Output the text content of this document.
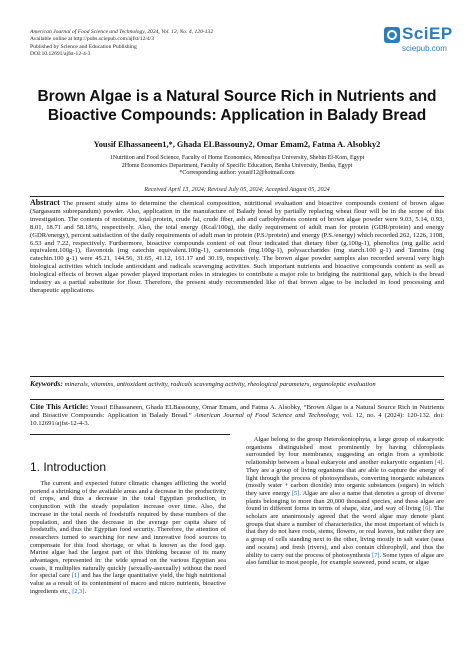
American Journal of Food Science and Technology, 2024, Vol. 12, No. 4, 120-132
Available online at http://pubs.sciepub.com/ajfst/12/4/3
Published by Science and Education Publishing
DOI:10.12691/ajfst-12-4-3
SciEP
sciepub.com
Brown Algae is a Natural Source Rich in Nutrients and Bioactive Compounds: Application in Balady Bread
Yousif Elhassaneen1,*, Ghada ELBassouny2, Omar Emam2, Fatma A. Alsobky2
1Nutrition and Food Science, Faculty of Home Economics, Menoufiya University, Shebin El-Kom, Egypt
2Home Economics Department, Faculty of Specific Education, Benha University, Benha, Egypt
*Corresponding author: yousif12@hotmail.com
Received April 13, 2024; Revised July 05, 2024; Accepted August 05, 2024
Abstract The present study aims to determine the chemical composition, nutritional evaluation and bioactive compounds content of brown algae (Sargassum subrepandum) powder. Also, application in the manufacture of Balady bread by partially replacing wheat flour will be in the scope of this investigation. The contents of moisture, total protein, crude fat, crude fiber, ash and carbohydrates content of brown algae powder were 9.03, 5.14, 0.93, 8.01, 18.71 and 58.18%, respectively. Also, the total energy (Kcal/100g), the daily requirement of adult man for protein (GDR/protein) and energy (GDR/energy), percent satisfaction of the daily requirements of adult man in protein (P.S./protein) and energy (P.S./energy) which recorded 262, 1226, 1108, 6.53 and 7.22, respectively. Furthermore, bioactive compounds content of oat flour indicated that dietary fiber (g.100g-1), phenolics (mg gallic acid equivalent.100g-1), flavonoids (mg catechin equivalent.100g-1), carotenoids (mg.100g-1), polysaccharides (mg starch.100 g-1) and Tannins (mg catechin.100 g-1) were 45.21, 144.56, 31.65, 41.12, 161.17 and 30.19, respectively. The brown algae powder samples also recorded several very high biological activities which include antioxidant and radicals scavenging activities. Such important nutrients and bioactive compounds content as well as biological effects of brown algae powder played important roles in strategies to contribute a major role to bridging the nutritional gap, which is the bread industry as a partial substitute for flour. Therefore, the present study recommended like of that brown algae to be included in food processing and therapeutic applications.
Keywords: minerals, vitamins, antioxidant activity, radicals scavenging activity, rheological parameters, organoleptic evaluation
Cite This Article: Yousif Elhassaneen, Ghada ELBassouny, Omar Emam, and Fatma A. Alsobky, “Brown Algae is a Natural Source Rich in Nutrients and Bioactive Compounds: Application in Balady Bread.” American Journal of Food Science and Technology, vol. 12, no. 4 (2024): 120-132. doi: 10.12691/ajfst-12-4-3.
1. Introduction

The current and expected future climatic changes afflicting the world portend a shrinking of the available areas and a decrease in the productivity of crops, and thus a decrease in the total Egyptian production, in conjunction with the steady population increase over time. Also, the increase in the total needs of foodstuffs required by these numbers of the population, and then the decrease in the average per capita share of foodstuffs, and thus the Egyptian food security. Therefore, the attention of researchers turned to searching for new and innovative food sources to compensate for this food shortage, or what is known as the food gap. Marine algae had the largest part of this thinking because of its many advantages, represented in: the wide spread on the various Egyptian sea coasts, it multiplies naturally quickly (sexually-asexually) without the need for special care [1] and has the large quantitative yield, the high nutritional value as a result of its contentment of macro and micro nutrients, bioactive ingredients etc., [2,3].

Algae belong to the group Heterokontophyta, a large group of eukaryotic organisms distinguished most prominently by having chloroplasts surrounded by four membranes, suggesting an origin from a symbiotic relationship between a basal eukaryote and another eukaryotic organism [4]. They are a group of living organisms that are able to capture the energy of light through the process of photosynthesis, converting inorganic substances (mostly water + carbon dioxide) into organic substances (sugars) in which they save energy [5]. Algae are also a name that denotes a group of diverse plants belonging to more than 20,000 thousand species, and these algae are found in different forms in terms of shape, size, and way of living [6]. The scholars are unanimously agreed that the word algae may denote plant groups that share a number of characteristics, the most important of which is that they do not have roots, stems, flowers, or real leaves, but rather they are a group of cells standing next to the other, living mostly in salt water (seas and oceans) and fresh (rivers), and also contain chlorophyll, and thus the ability to carry out the process of photosynthesis [7]. Some types of algae are also familiar to most people, for example seaweed, pond scum, or algae
